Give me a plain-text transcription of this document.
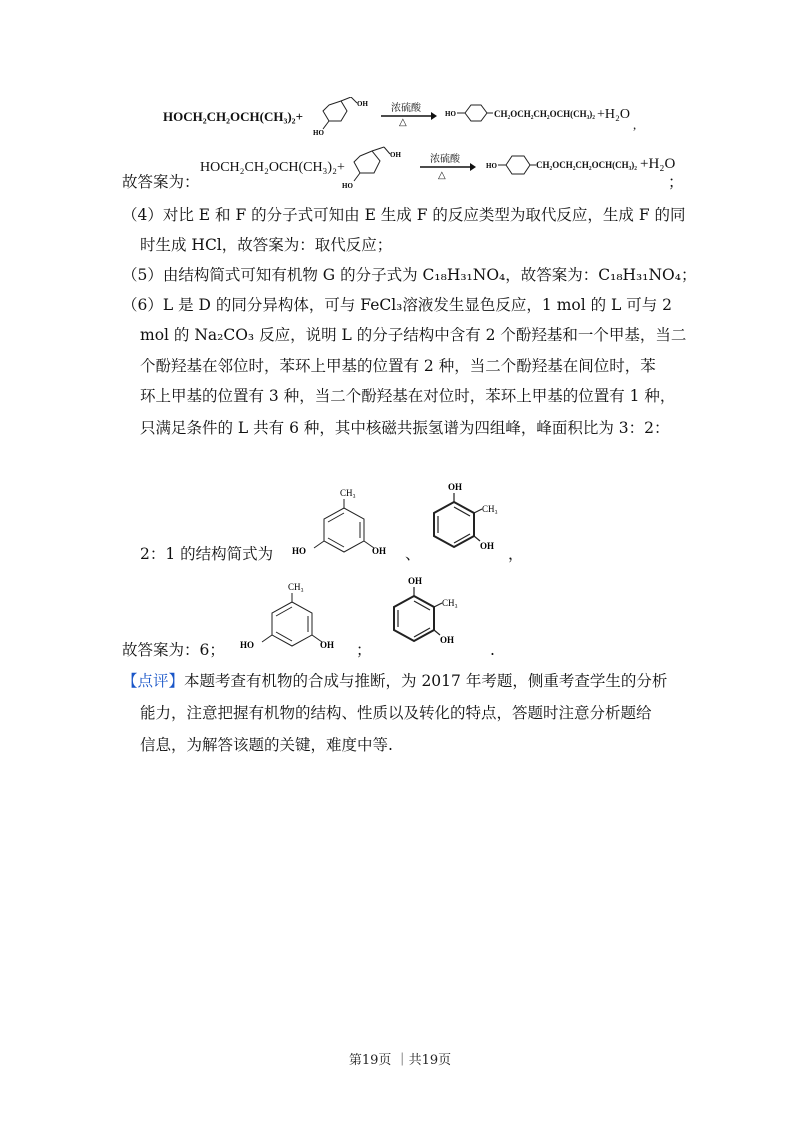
HOCH₂CH₂OCH(CH₃)₂+
OH
HO
浓硫酸
△
HO	CH₂OCH₂CH₂OCH(CH₃)₂ +H₂O
,
故答案为：
HOCH₂CH₂OCH(CH₃)₂+
OH
HO
浓硫酸
△
HO	CH₂OCH₂CH₂OCH(CH₃)₂ +H₂O
；
（4）对比 E 和 F 的分子式可知由 E 生成 F 的反应类型为取代反应，生成 F 的同
时生成 HCl，故答案为：取代反应；
（5）由结构简式可知有机物 G 的分子式为 C₁₈H₃₁NO₄，故答案为：C₁₈H₃₁NO₄；
（6）L 是 D 的同分异构体，可与 FeCl₃溶液发生显色反应，1 mol 的 L 可与 2
mol 的 Na₂CO₃ 反应，说明 L 的分子结构中含有 2 个酚羟基和一个甲基，当二
个酚羟基在邻位时，苯环上甲基的位置有 2 种，当二个酚羟基在间位时，苯
环上甲基的位置有 3 种，当二个酚羟基在对位时，苯环上甲基的位置有 1 种，
只满足条件的 L 共有 6 种，其中核磁共振氢谱为四组峰，峰面积比为 3：2：
2：1 的结构简式为
CH₃
HO	OH 、
OH
CH₃
OH ，
故答案为：6；
CH₃
HO	OH ；
OH
CH₃
OH
.
【点评】本题考查有机物的合成与推断，为 2017 年考题，侧重考查学生的分析
能力，注意把握有机物的结构、性质以及转化的特点，答题时注意分析题给
信息，为解答该题的关键，难度中等.
第19页 ｜共19页
